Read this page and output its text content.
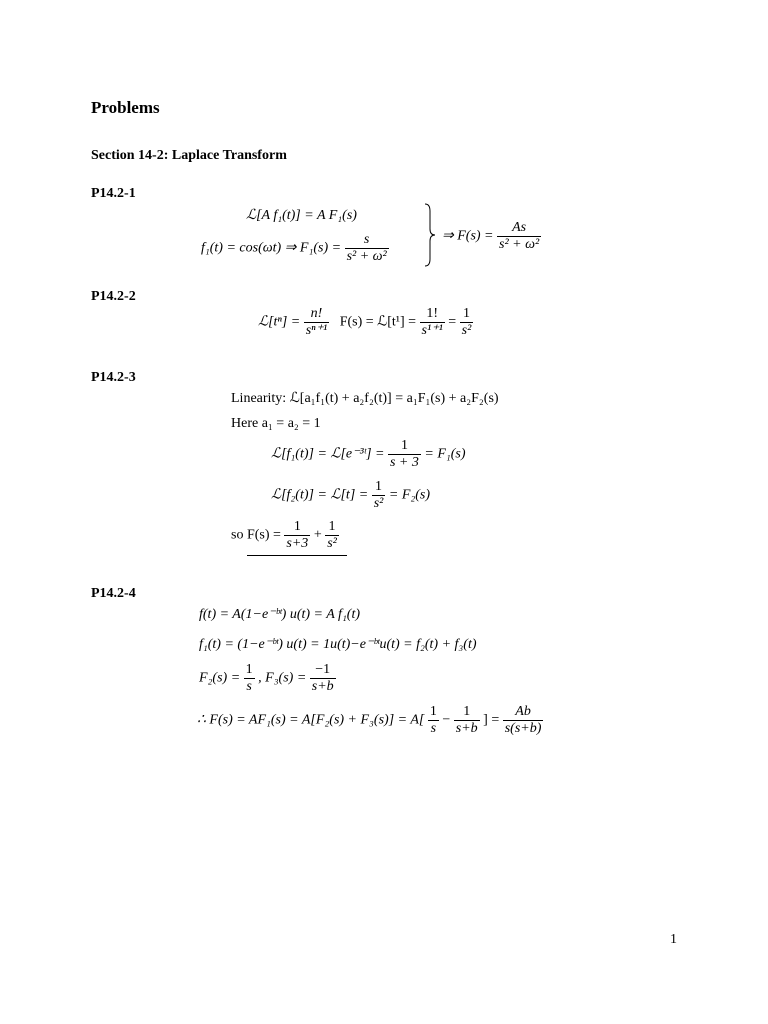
Problems
Section 14-2: Laplace Transform
P14.2-1
ℒ[A f₁(t)] = A F₁(s)
f₁(t) = cos(ωt) ⇒ $F_1(s) = \frac{s}{\text{s² + ω²}}$	⇒ $F(s) = \frac{As}{\text{s² + ω²}}$
P14.2-2
ℒ[tⁿ] = $\frac{n!}{\text{sⁿ⁺¹}} F(s)$ = ℒ[t¹] = $\frac{1!}{\text{s¹⁺¹}} = \frac{1}{\text{s²}}$
P14.2-3
Linearity: ℒ[a₁f₁(t) + a₂f₂(t)] = a₁F₁(s) + a₂F₂(s)
Here a₁ = a₂ = 1
ℒ[f₁(t)] = ℒ[e⁻³ᵗ] = $\frac{1}{s + 3} = F_1(s)$
ℒ[f₂(t)] = ℒ[t] = $\frac{1}{\text{s²}} = F_2(s)$
so $F(s) = \frac{1}{s+3} + \frac{1}{\text{s²}}$
P14.2-4
f(t) = A(1−e⁻ᵇᵗ) u(t) = A f₁(t)
f₁(t) = (1−e⁻ᵇᵗ) u(t) = 1u(t)−e⁻ᵇᵗu(t) = f₂(t) + f₃(t)
$F_2(s) = \frac{1}{s}$ , $F_3(s) = \frac{-1}{s+b}$
∴ $F(s) = AF_1(s) = A[F_2(s) + F_3(s)] = A[ \frac{1}{s} - \frac{1}{s+b}$ ] = $\frac{Ab}{s(s+b)}$
1
